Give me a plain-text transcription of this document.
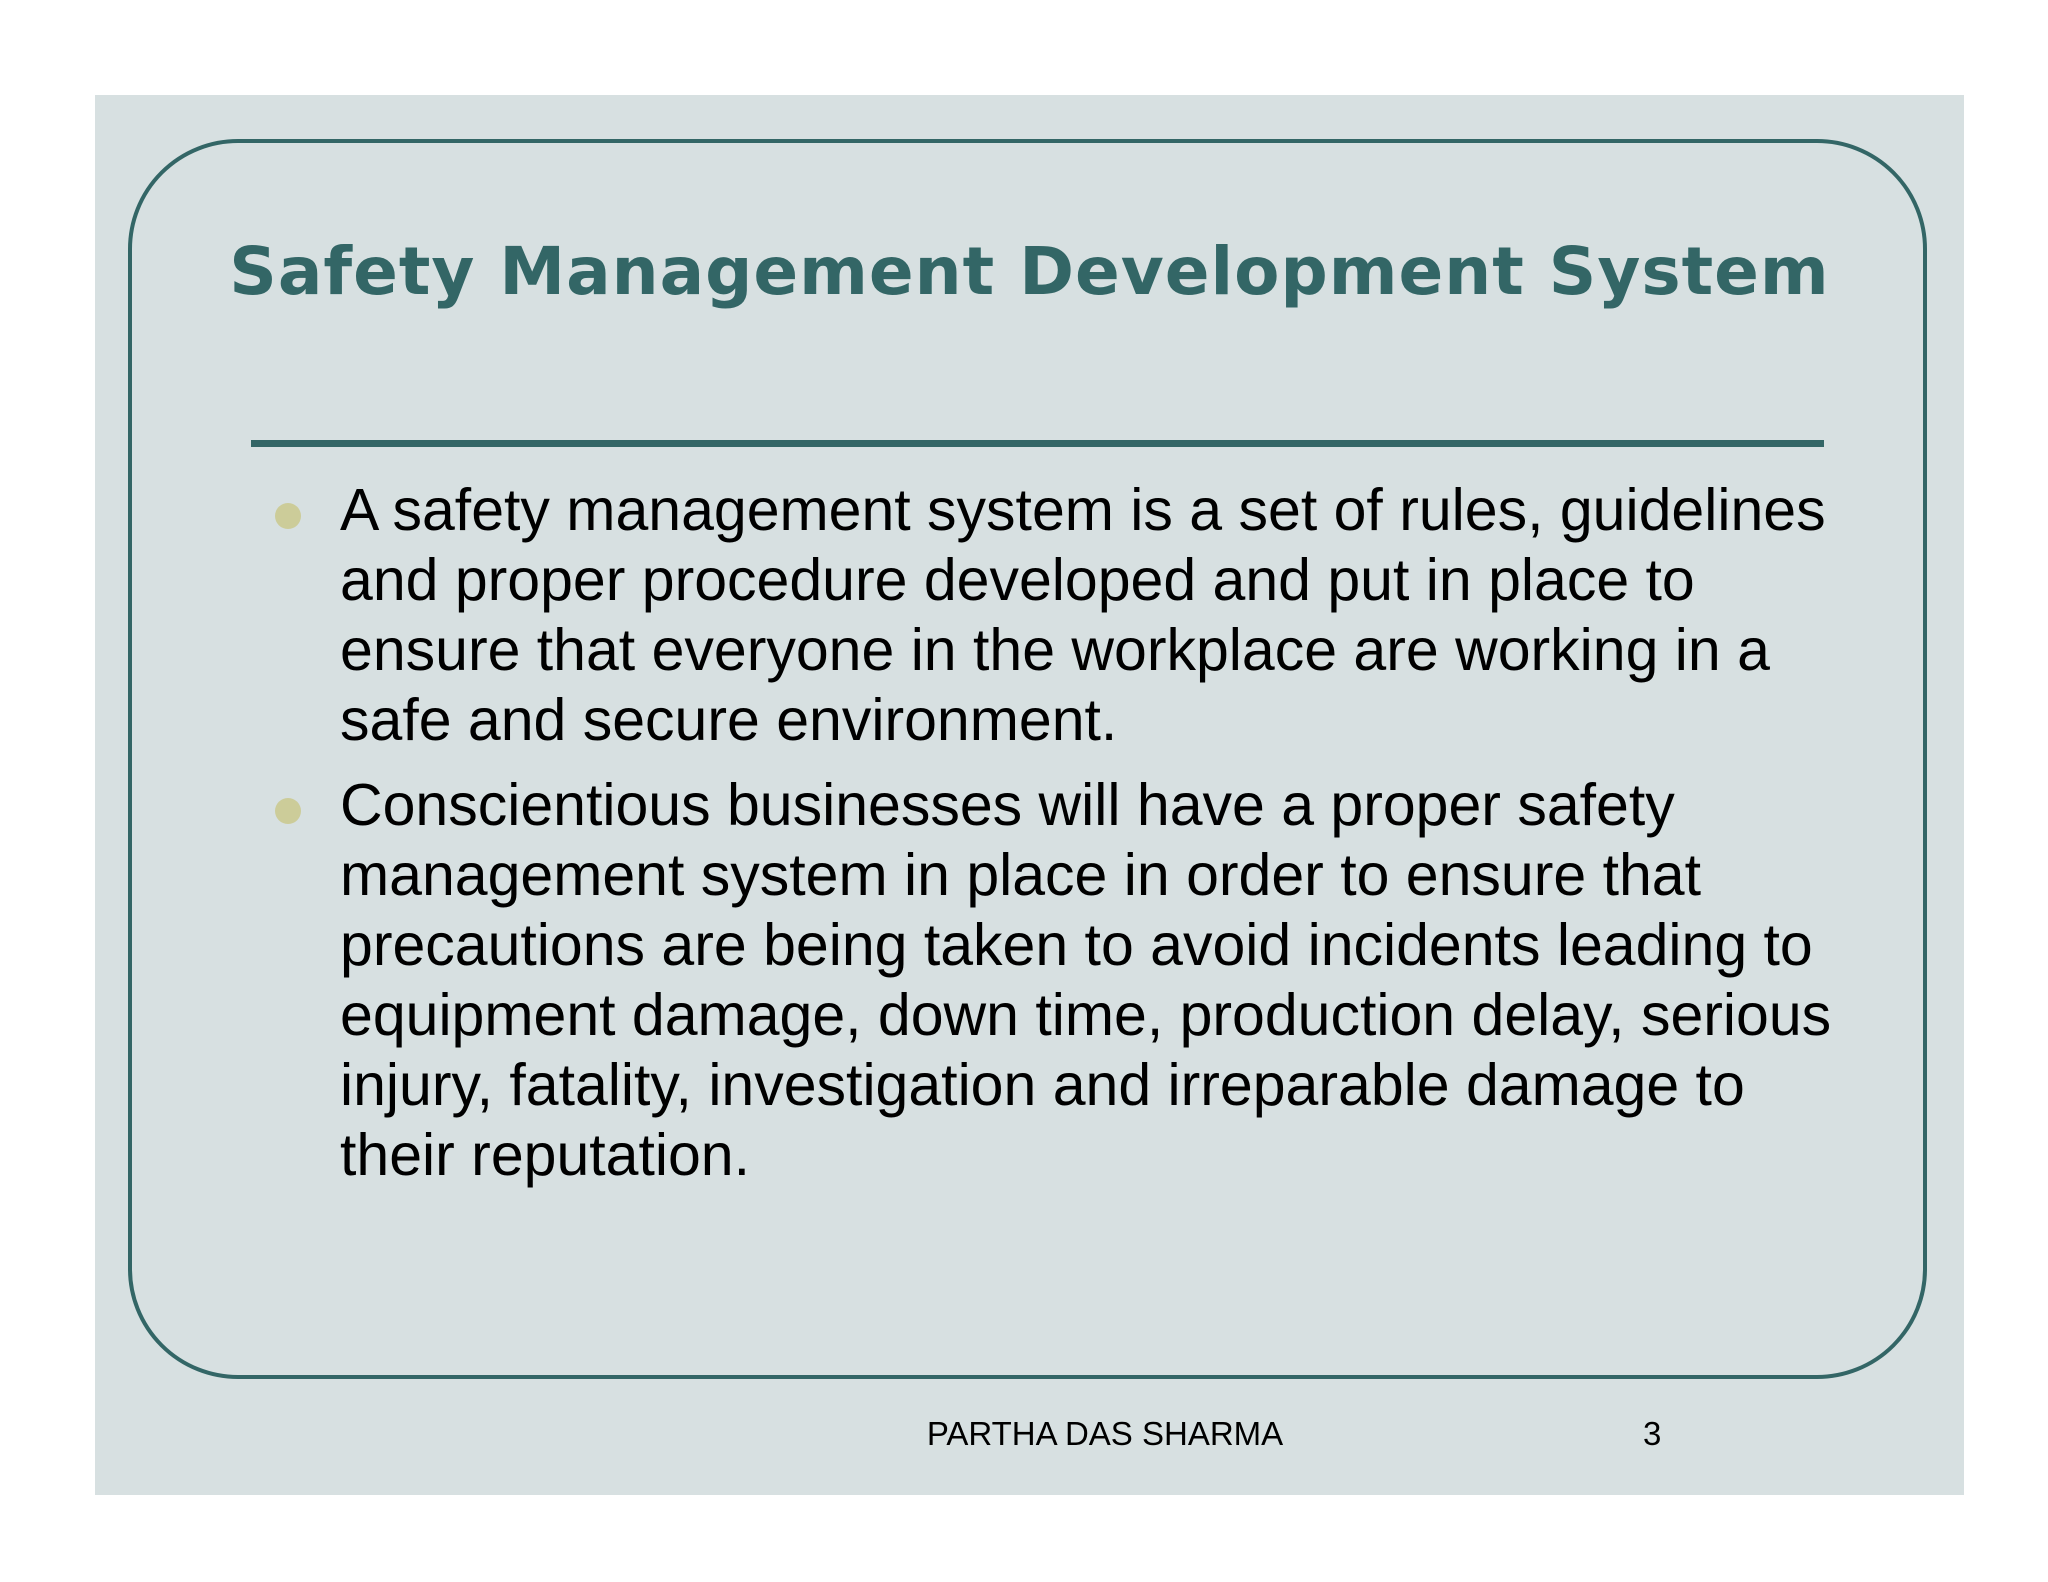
Safety Management Development System
A safety management system is a set of rules, guidelines and proper procedure developed and put in place to ensure that everyone in the workplace are working in a safe and secure environment.
Conscientious businesses will have a proper safety management system in place in order to ensure that precautions are being taken to avoid incidents leading to equipment damage, down time, production delay, serious injury, fatality, investigation and irreparable damage to their reputation.
PARTHA DAS SHARMA	3
